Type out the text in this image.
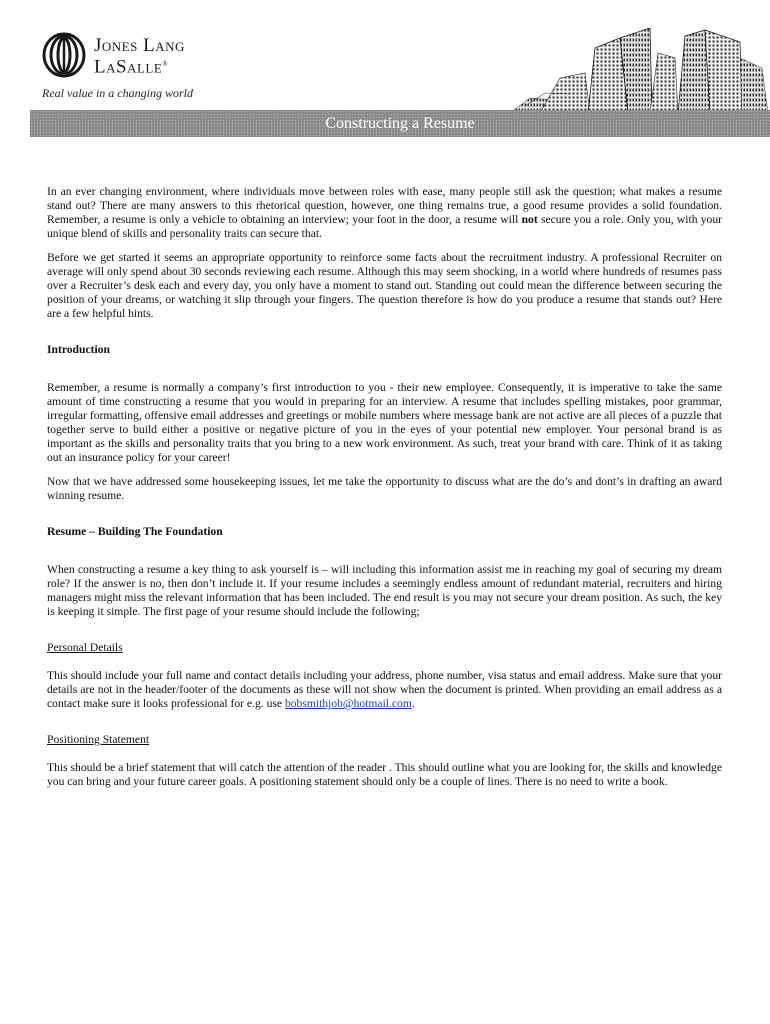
Jones Lang
LaSalle®
Real value in a changing world
Constructing a Resume

In an ever changing environment, where individuals move between roles with ease, many people still ask the question; what makes a resume stand out? There are many answers to this rhetorical question, however, one thing remains true, a good resume provides a solid foundation. Remember, a resume is only a vehicle to obtaining an interview; your foot in the door, a resume will not secure you a role. Only you, with your unique blend of skills and personality traits can secure that.

Before we get started it seems an appropriate opportunity to reinforce some facts about the recruitment industry. A professional Recruiter on average will only spend about 30 seconds reviewing each resume. Although this may seem shocking, in a world where hundreds of resumes pass over a Recruiter’s desk each and every day, you only have a moment to stand out. Standing out could mean the difference between securing the position of your dreams, or watching it slip through your fingers. The question therefore is how do you produce a resume that stands out? Here are a few helpful hints.

Introduction

Remember, a resume is normally a company’s first introduction to you - their new employee. Consequently, it is imperative to take the same amount of time constructing a resume that you would in preparing for an interview. A resume that includes spelling mistakes, poor grammar, irregular formatting, offensive email addresses and greetings or mobile numbers where message bank are not active are all pieces of a puzzle that together serve to build either a positive or negative picture of you in the eyes of your potential new employer. Your personal brand is as important as the skills and personality traits that you bring to a new work environment. As such, treat your brand with care. Think of it as taking out an insurance policy for your career!

Now that we have addressed some housekeeping issues, let me take the opportunity to discuss what are the do’s and dont’s in drafting an award winning resume.

Resume – Building The Foundation

When constructing a resume a key thing to ask yourself is – will including this information assist me in reaching my goal of securing my dream role? If the answer is no, then don’t include it. If your resume includes a seemingly endless amount of redundant material, recruiters and hiring managers might miss the relevant information that has been included. The end result is you may not secure your dream position. As such, the key is keeping it simple. The first page of your resume should include the following;

Personal Details

This should include your full name and contact details including your address, phone number, visa status and email address. Make sure that your details are not in the header/footer of the documents as these will not show when the document is printed. When providing an email address as a contact make sure it looks professional for e.g. use bobsmithjob@hotmail.com.

Positioning Statement

This should be a brief statement that will catch the attention of the reader . This should outline what you are looking for, the skills and knowledge you can bring and your future career goals. A positioning statement should only be a couple of lines. There is no need to write a book.
